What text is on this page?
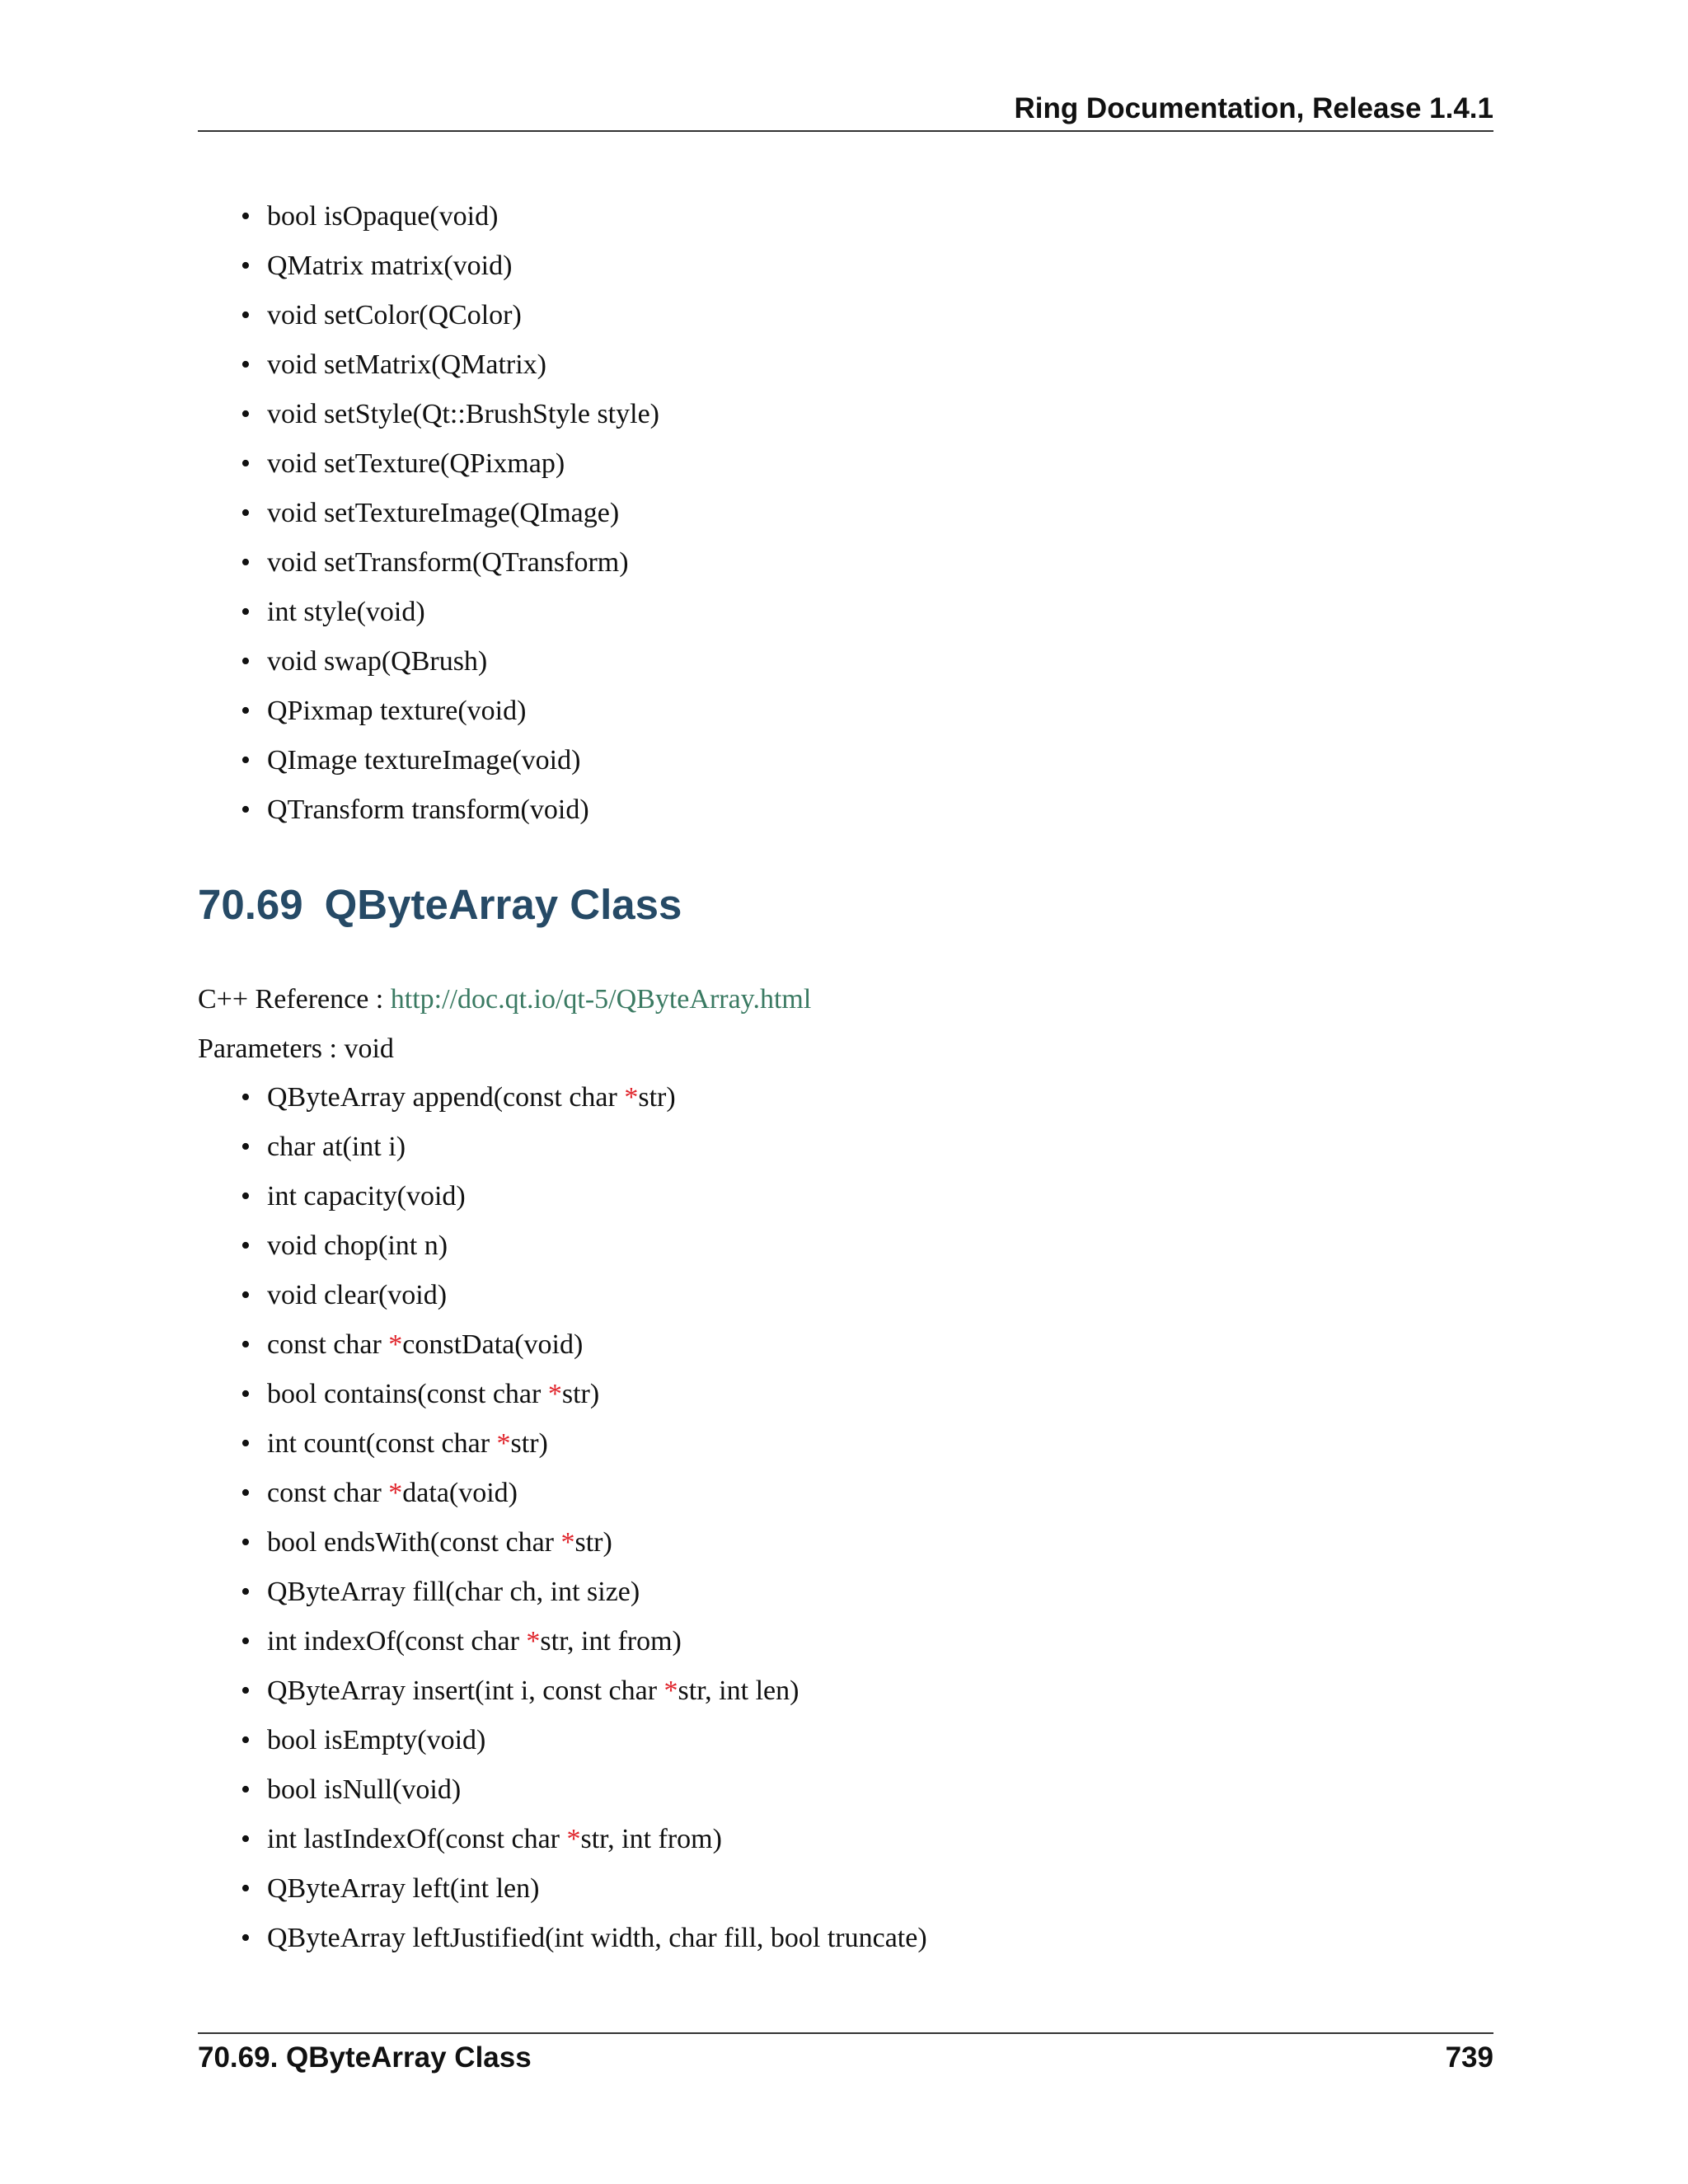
Ring Documentation, Release 1.4.1
• bool isOpaque(void)
• QMatrix matrix(void)
• void setColor(QColor)
• void setMatrix(QMatrix)
• void setStyle(Qt::BrushStyle style)
• void setTexture(QPixmap)
• void setTextureImage(QImage)
• void setTransform(QTransform)
• int style(void)
• void swap(QBrush)
• QPixmap texture(void)
• QImage textureImage(void)
• QTransform transform(void)
70.69 QByteArray Class
C++ Reference : http://doc.qt.io/qt-5/QByteArray.html
Parameters : void
• QByteArray append(const char *str)
• char at(int i)
• int capacity(void)
• void chop(int n)
• void clear(void)
• const char *constData(void)
• bool contains(const char *str)
• int count(const char *str)
• const char *data(void)
• bool endsWith(const char *str)
• QByteArray fill(char ch, int size)
• int indexOf(const char *str, int from)
• QByteArray insert(int i, const char *str, int len)
• bool isEmpty(void)
• bool isNull(void)
• int lastIndexOf(const char *str, int from)
• QByteArray left(int len)
• QByteArray leftJustified(int width, char fill, bool truncate)
70.69. QByteArray Class	739
